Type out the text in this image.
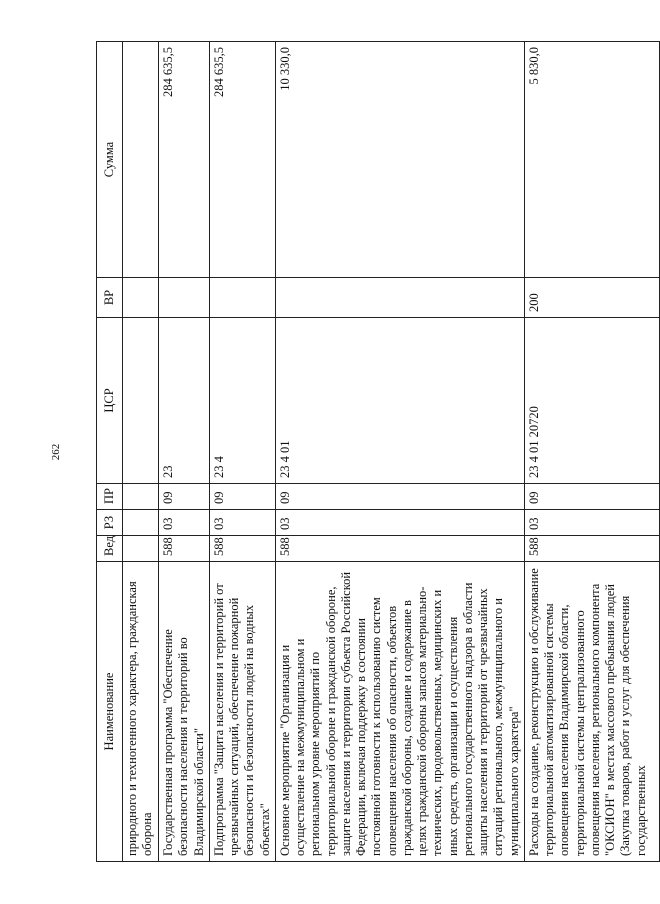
262
Наименование	Вед	РЗ	ПР	ЦСР	ВР	Сумма
природного и техногенного характера, гражданская оборона						
Государственная программа "Обеспечение безопасности населения и территорий во Владимирской области"	588	03	09	23		284 635,5
Подпрограмма "Защита населения и территорий от чрезвычайных ситуаций, обеспечение пожарной безопасности и безопасности людей на водных объектах"	588	03	09	23 4		284 635,5
Основное мероприятие "Организация и осуществление на межмуниципальном и региональном уровне мероприятий по территориальной обороне и гражданской обороне, защите населения и территории субъекта Российской Федерации, включая поддержку в состоянии постоянной готовности к использованию систем оповещения населения об опасности, объектов гражданской обороны, создание и содержание в целях гражданской обороны запасов материально-технических, продовольственных, медицинских и иных средств, организации и осуществления регионального государственного надзора в области защиты населения и территорий от чрезвычайных ситуаций регионального, межмуниципального и муниципального характера"	588	03	09	23 4 01		10 330,0
Расходы на создание, реконструкцию и обслуживание территориальной автоматизированной системы оповещения населения Владимирской области, территориальной системы централизованного оповещения населения, регионального компонента "ОКСИОН" в местах массового пребывания людей (Закупка товаров, работ и услуг для обеспечения государственных	588	03	09	23 4 01 20720	200	5 830,0
